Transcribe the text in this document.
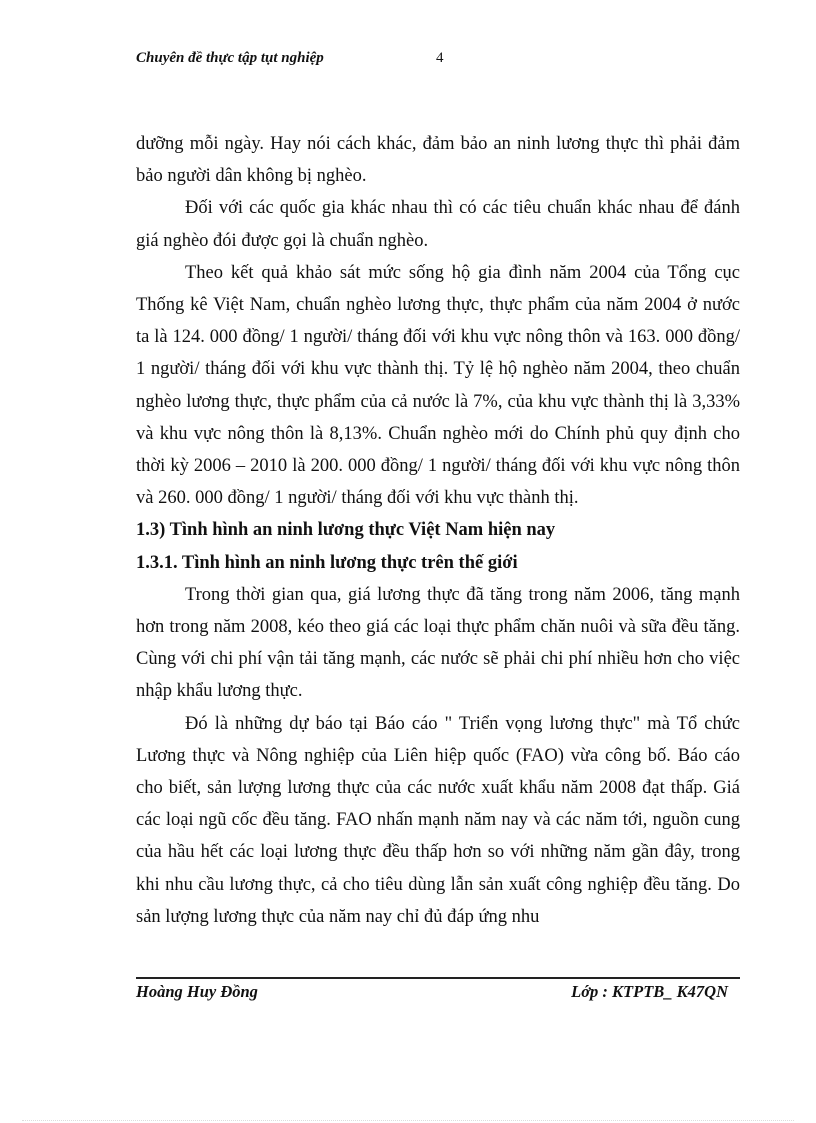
Chuyên đề thực tập tụt nghiệp	4

dưỡng mỗi ngày. Hay nói cách khác, đảm bảo an ninh lương thực thì phải đảm bảo người dân không bị nghèo.

Đối với các quốc gia khác nhau thì có các tiêu chuẩn khác nhau để đánh giá nghèo đói được gọi là chuẩn nghèo.

Theo kết quả khảo sát mức sống hộ gia đình năm 2004 của Tổng cục Thống kê Việt Nam, chuẩn nghèo lương thực, thực phẩm của năm 2004 ở nước ta là 124. 000 đồng/ 1 người/ tháng đối với khu vực nông thôn và 163. 000 đồng/ 1 người/ tháng đối với khu vực thành thị. Tỷ lệ hộ nghèo năm 2004, theo chuẩn nghèo lương thực, thực phẩm của cả nước là 7%, của khu vực thành thị là 3,33% và khu vực nông thôn là 8,13%. Chuẩn nghèo mới do Chính phủ quy định cho thời kỳ 2006 – 2010 là 200. 000 đồng/ 1 người/ tháng đối với khu vực nông thôn và 260. 000 đồng/ 1 người/ tháng đối với khu vực thành thị.

1.3) Tình hình an ninh lương thực Việt Nam hiện nay

1.3.1. Tình hình an ninh lương thực trên thế giới

Trong thời gian qua, giá lương thực đã tăng trong năm 2006, tăng mạnh hơn trong năm 2008, kéo theo giá các loại thực phẩm chăn nuôi và sữa đều tăng. Cùng với chi phí vận tải tăng mạnh, các nước sẽ phải chi phí nhiều hơn cho việc nhập khẩu lương thực.

Đó là những dự báo tại Báo cáo " Triển vọng lương thực" mà Tổ chức Lương thực và Nông nghiệp của Liên hiệp quốc (FAO) vừa công bố. Báo cáo cho biết, sản lượng lương thực của các nước xuất khẩu năm 2008 đạt thấp. Giá các loại ngũ cốc đều tăng. FAO nhấn mạnh năm nay và các năm tới, nguồn cung của hầu hết các loại lương thực đều thấp hơn so với những năm gần đây, trong khi nhu cầu lương thực, cả cho tiêu dùng lẫn sản xuất công nghiệp đều tăng. Do sản lượng lương thực của năm nay chỉ đủ đáp ứng nhu

Hoàng Huy Đồng	Lớp : KTPTB_ K47QN
